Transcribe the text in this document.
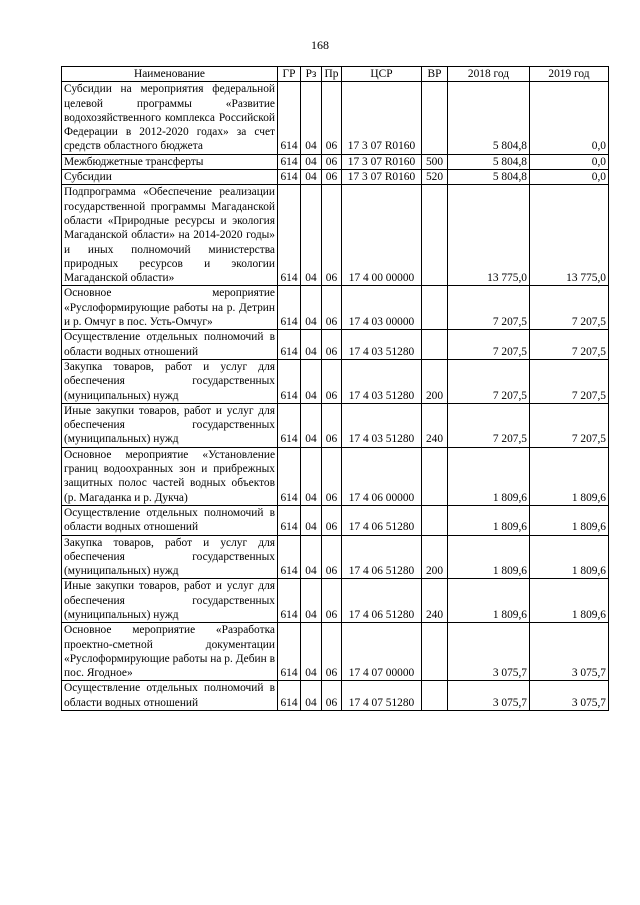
168
Наименование	ГР	Рз	Пр	ЦСР	ВР	2018 год	2019 год
Субсидии на мероприятия федеральной целевой программы «Развитие водохозяйственного комплекса Российской Федерации в 2012-2020 годах» за счет средств областного бюджета	614	04	06	17 3 07 R0160		5 804,8	0,0
Межбюджетные трансферты	614	04	06	17 3 07 R0160	500	5 804,8	0,0
Субсидии	614	04	06	17 3 07 R0160	520	5 804,8	0,0
Подпрограмма «Обеспечение реализации государственной программы Магаданской области «Природные ресурсы и экология Магаданской области» на 2014-2020 годы» и иных полномочий министерства природных ресурсов и экологии Магаданской области»	614	04	06	17 4 00 00000		13 775,0	13 775,0
Основное мероприятие «Руслоформирующие работы на р. Детрин и р. Омчуг в пос. Усть-Омчуг»	614	04	06	17 4 03 00000		7 207,5	7 207,5
Осуществление отдельных полномочий в области водных отношений	614	04	06	17 4 03 51280		7 207,5	7 207,5
Закупка товаров, работ и услуг для обеспечения государственных (муниципальных) нужд	614	04	06	17 4 03 51280	200	7 207,5	7 207,5
Иные закупки товаров, работ и услуг для обеспечения государственных (муниципальных) нужд	614	04	06	17 4 03 51280	240	7 207,5	7 207,5
Основное мероприятие «Установление границ водоохранных зон и прибрежных защитных полос частей водных объектов (р. Магаданка и р. Дукча)	614	04	06	17 4 06 00000		1 809,6	1 809,6
Осуществление отдельных полномочий в области водных отношений	614	04	06	17 4 06 51280		1 809,6	1 809,6
Закупка товаров, работ и услуг для обеспечения государственных (муниципальных) нужд	614	04	06	17 4 06 51280	200	1 809,6	1 809,6
Иные закупки товаров, работ и услуг для обеспечения государственных (муниципальных) нужд	614	04	06	17 4 06 51280	240	1 809,6	1 809,6
Основное мероприятие «Разработка проектно-сметной документации «Руслоформирующие работы на р. Дебин в пос. Ягодное»	614	04	06	17 4 07 00000		3 075,7	3 075,7
Осуществление отдельных полномочий в области водных отношений	614	04	06	17 4 07 51280		3 075,7	3 075,7
